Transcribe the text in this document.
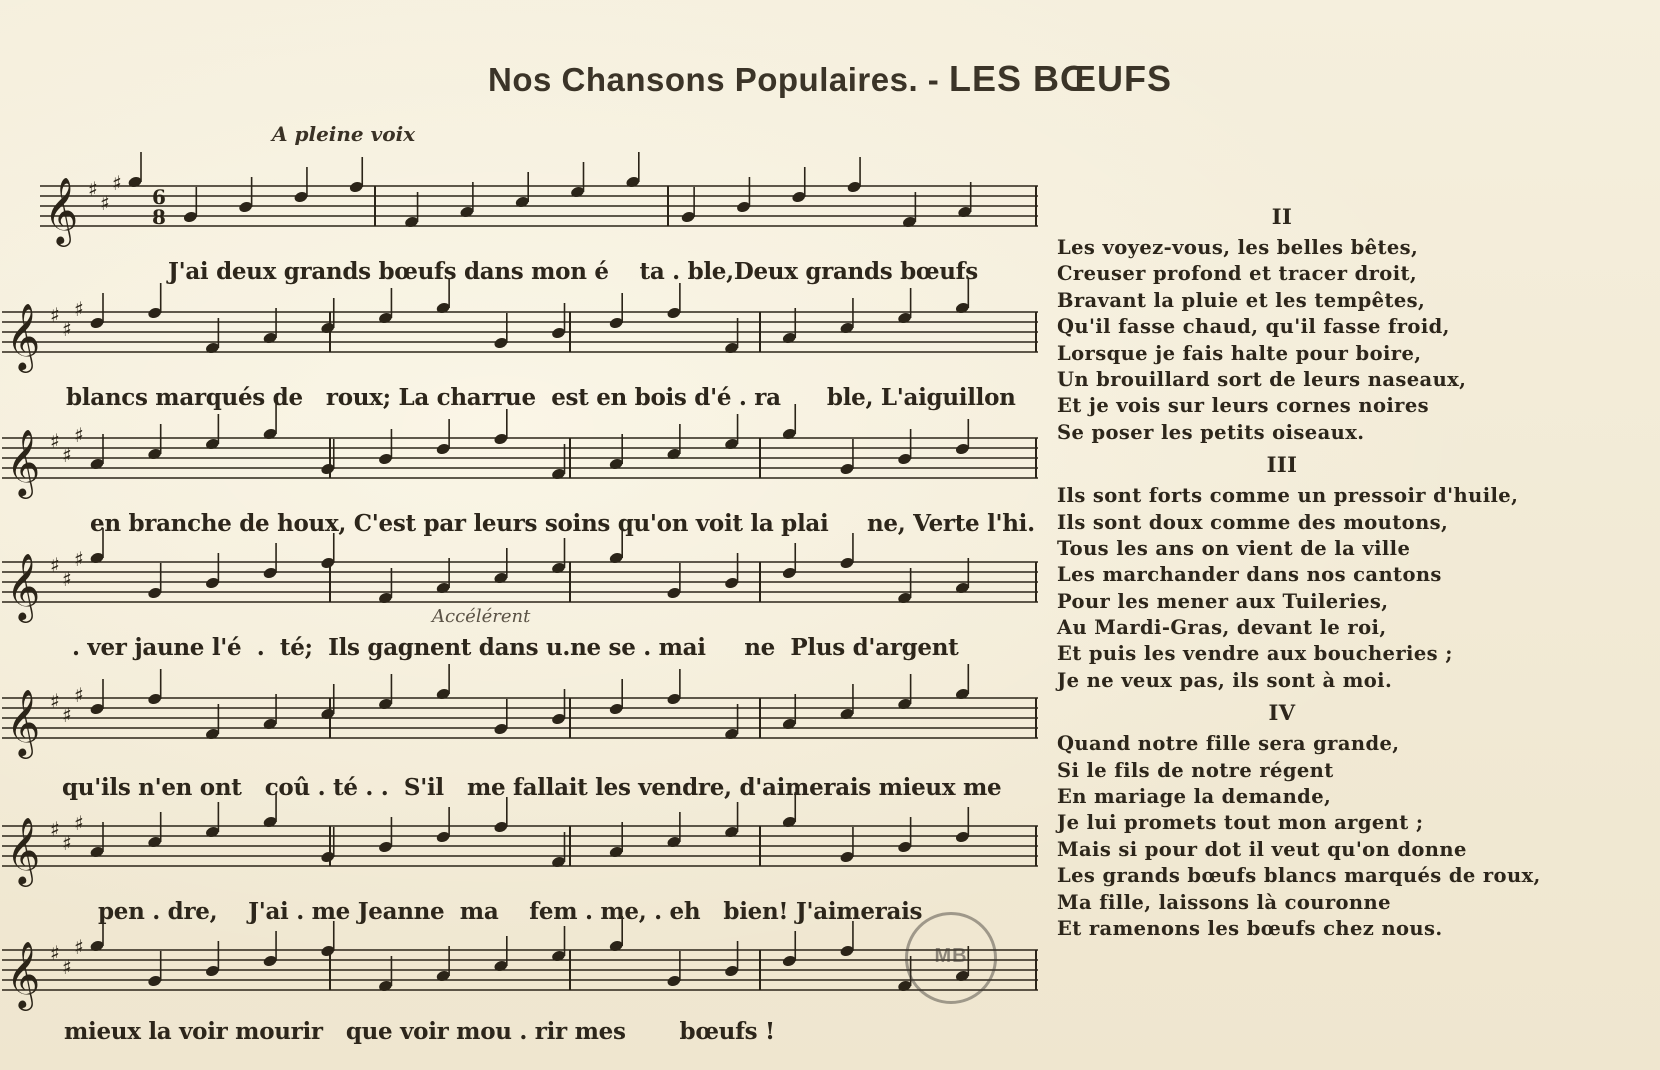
Nos Chansons Populaires. - LES BŒUFS
A pleine voix
𝄞 ♯
♯
♯
6
8
𝄞 ♯
♯
♯
𝄞 ♯
♯
♯
𝄞 ♯
♯
♯
𝄞 ♯
♯
♯
𝄞 ♯
♯
♯
𝄞 ♯
♯
♯
J'ai deux grands bœufs dans mon é    ta . ble,Deux grands bœufs
blancs marqués de   roux; La charrue  est en bois d'é . ra      ble, L'aiguillon
en branche de houx, C'est par leurs soins qu'on voit la plai     ne, Verte l'hi.
Accélérent
. ver jaune l'é  .  té;  Ils gagnent dans u.ne se . mai     ne  Plus d'argent
qu'ils n'en ont   coû . té . .  S'il   me fallait les vendre, d'aimerais mieux me
pen . dre,    J'ai . me Jeanne  ma    fem . me, . eh   bien! J'aimerais
mieux la voir mourir   que voir mou . rir mes       bœufs !
II
Les voyez-vous, les belles bêtes,
Creuser profond et tracer droit,
Bravant la pluie et les tempêtes,
Qu'il fasse chaud, qu'il fasse froid,
Lorsque je fais halte pour boire,
Un brouillard sort de leurs naseaux,
Et je vois sur leurs cornes noires
Se poser les petits oiseaux.
III
Ils sont forts comme un pressoir d'huile,
Ils sont doux comme des moutons,
Tous les ans on vient de la ville
Les marchander dans nos cantons
Pour les mener aux Tuileries,
Au Mardi-Gras, devant le roi,
Et puis les vendre aux boucheries ;
Je ne veux pas, ils sont à moi.
IV
Quand notre fille sera grande,
Si le fils de notre régent
En mariage la demande,
Je lui promets tout mon argent ;
Mais si pour dot il veut qu'on donne
Les grands bœufs blancs marqués de roux,
Ma fille, laissons là couronne
Et ramenons les bœufs chez nous.
MB
